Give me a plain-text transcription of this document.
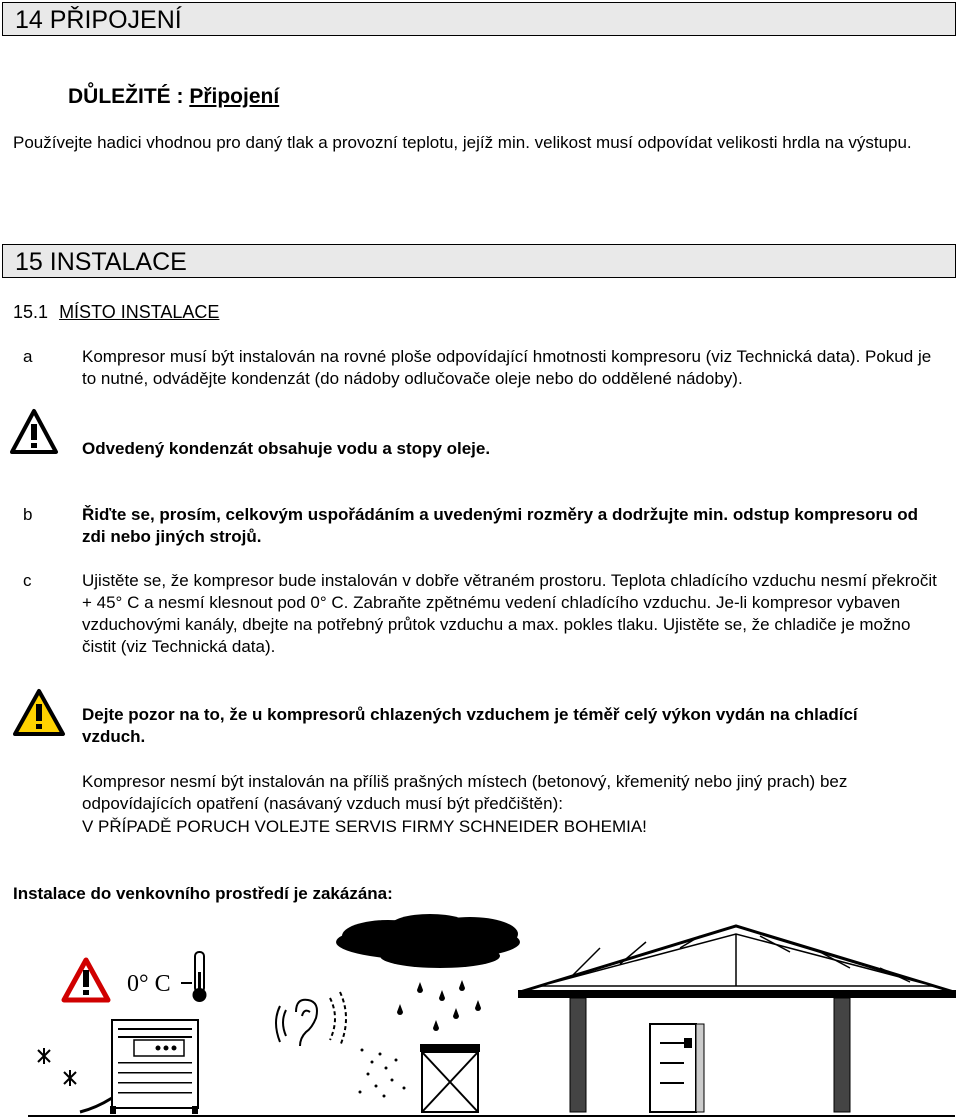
14 PŘIPOJENÍ
DŮLEŽITÉ : Připojení
Používejte hadici vhodnou pro daný tlak a provozní teplotu, jejíž min. velikost musí odpovídat velikosti hrdla na výstupu.
15 INSTALACE
15.1 MÍSTO INSTALACE
a	Kompresor musí být instalován na rovné ploše odpovídající hmotnosti kompresoru (viz Technická data). Pokud je to nutné, odvádějte kondenzát (do nádoby odlučovače oleje nebo do oddělené nádoby).
Odvedený kondenzát obsahuje vodu a stopy oleje.
b	Řiďte se, prosím, celkovým uspořádáním a uvedenými rozměry a dodržujte min. odstup kompresoru od zdi nebo jiných strojů.
c	Ujistěte se, že kompresor bude instalován v dobře větraném prostoru. Teplota chladícího vzduchu nesmí překročit + 45° C a nesmí klesnout pod 0° C. Zabraňte zpětnému vedení chladícího vzduchu. Je-li kompresor vybaven vzduchovými kanály, dbejte na potřebný průtok vzduchu a max. pokles tlaku. Ujistěte se, že chladiče je možno čistit (viz Technická data).
Dejte pozor na to, že u kompresorů chlazených vzduchem je téměř celý výkon vydán na chladící vzduch.
Kompresor nesmí být instalován na příliš prašných místech (betonový, křemenitý nebo jiný prach) bez odpovídajících opatření (nasávaný vzduch musí být předčištěn):
V PŘÍPADĚ PORUCH VOLEJTE SERVIS FIRMY SCHNEIDER BOHEMIA!
Instalace do venkovního prostředí je zakázána:
0° C
